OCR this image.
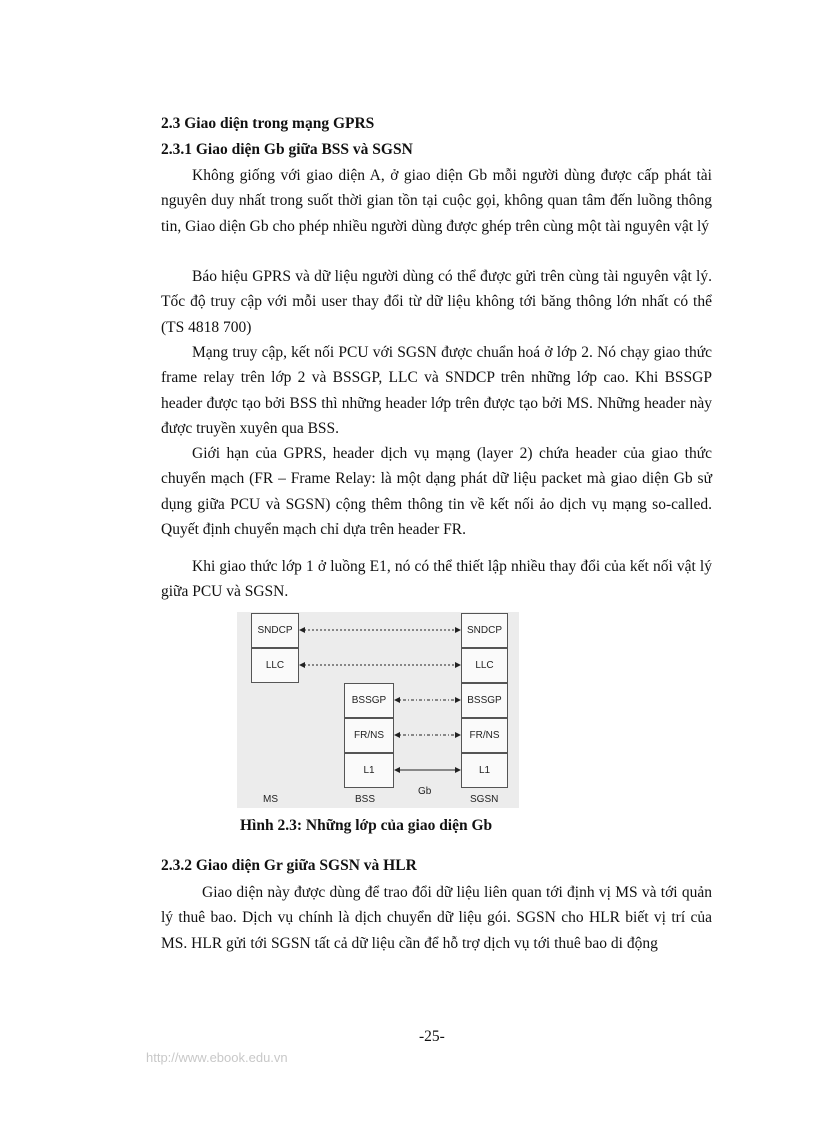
2.3 Giao diện trong mạng GPRS
2.3.1 Giao diện Gb giữa BSS và SGSN
Không giống với giao diện A, ở giao diện Gb mỗi người dùng được cấp phát tài nguyên duy nhất trong suốt thời gian tồn tại cuộc gọi, không quan tâm đến luồng thông tin, Giao diện Gb cho phép nhiều người dùng được ghép trên cùng một tài nguyên vật lý
Báo hiệu GPRS và dữ liệu người dùng có thể được gửi trên cùng tài nguyên vật lý. Tốc độ truy cập với mỗi user thay đổi từ dữ liệu không tới băng thông lớn nhất có thể (TS 4818 700)
Mạng truy cập, kết nối PCU với SGSN được chuẩn hoá ở lớp 2. Nó chạy giao thức frame relay trên lớp 2 và BSSGP, LLC và SNDCP trên những lớp cao. Khi BSSGP header được tạo bởi BSS thì những header lớp trên được tạo bởi MS. Những header này được truyền xuyên qua BSS.
Giới hạn của GPRS, header dịch vụ mạng (layer 2) chứa header của giao thức chuyển mạch (FR – Frame Relay: là một dạng phát dữ liệu packet mà giao diện Gb sử dụng giữa PCU và SGSN) cộng thêm thông tin về kết nối ảo dịch vụ mạng so-called. Quyết định chuyển mạch chỉ dựa trên header FR.
Khi giao thức lớp 1 ở luồng E1, nó có thể thiết lập nhiều thay đổi của kết nối vật lý giữa PCU và SGSN.
SNDCP
LLC
BSSGP
FR/NS
L1
SNDCP
LLC
BSSGP
FR/NS
L1
MS	BSS	SGSN
Gb
Hình 2.3: Những lớp của giao diện Gb
2.3.2 Giao diện Gr giữa SGSN và HLR
Giao diện này được dùng để trao đổi dữ liệu liên quan tới định vị MS và tới quản lý thuê bao. Dịch vụ chính là dịch chuyển dữ liệu gói. SGSN cho HLR biết vị trí của MS. HLR gửi tới SGSN tất cả dữ liệu cần để hỗ trợ dịch vụ tới thuê bao di động
-25-
http://www.ebook.edu.vn
